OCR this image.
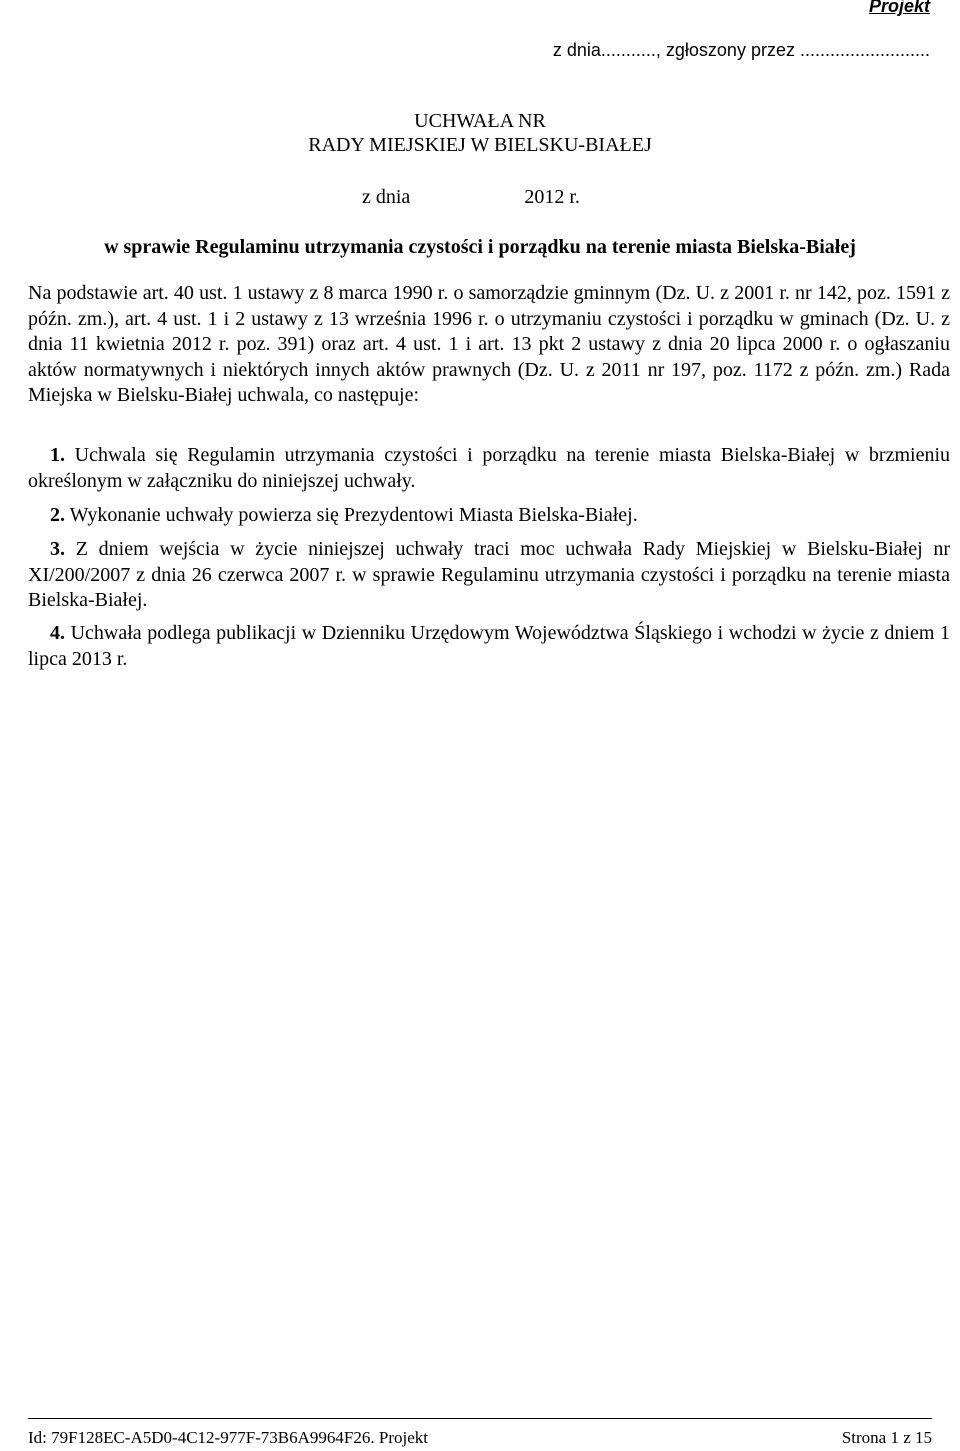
Projekt
z dnia..........., zgłoszony przez ..........................
UCHWAŁA NR
RADY MIEJSKIEJ W BIELSKU-BIAŁEJ
z dnia	2012 r.
w sprawie Regulaminu utrzymania czystości i porządku na terenie miasta Bielska-Białej
Na podstawie art. 40 ust. 1 ustawy z 8 marca 1990 r. o samorządzie gminnym (Dz. U. z 2001 r. nr 142, poz. 1591 z późn. zm.), art. 4 ust. 1 i 2 ustawy z 13 września 1996 r. o utrzymaniu czystości i porządku w gminach (Dz. U. z dnia 11 kwietnia 2012 r. poz. 391) oraz art. 4 ust. 1 i art. 13 pkt 2 ustawy z dnia 20 lipca 2000 r. o ogłaszaniu aktów normatywnych i niektórych innych aktów prawnych (Dz. U. z 2011 nr 197, poz. 1172 z późn. zm.) Rada Miejska w Bielsku-Białej uchwala, co następuje:
1. Uchwala się Regulamin utrzymania czystości i porządku na terenie miasta Bielska-Białej w brzmieniu określonym w załączniku do niniejszej uchwały.
2. Wykonanie uchwały powierza się Prezydentowi Miasta Bielska-Białej.
3. Z dniem wejścia w życie niniejszej uchwały traci moc uchwała Rady Miejskiej w Bielsku-Białej nr XI/200/2007 z dnia 26 czerwca 2007 r. w sprawie Regulaminu utrzymania czystości i porządku na terenie miasta Bielska-Białej.
4. Uchwała podlega publikacji w Dzienniku Urzędowym Województwa Śląskiego i wchodzi w życie z dniem 1 lipca 2013 r.
Id: 79F128EC-A5D0-4C12-977F-73B6A9964F26. Projekt	Strona 1 z 15
